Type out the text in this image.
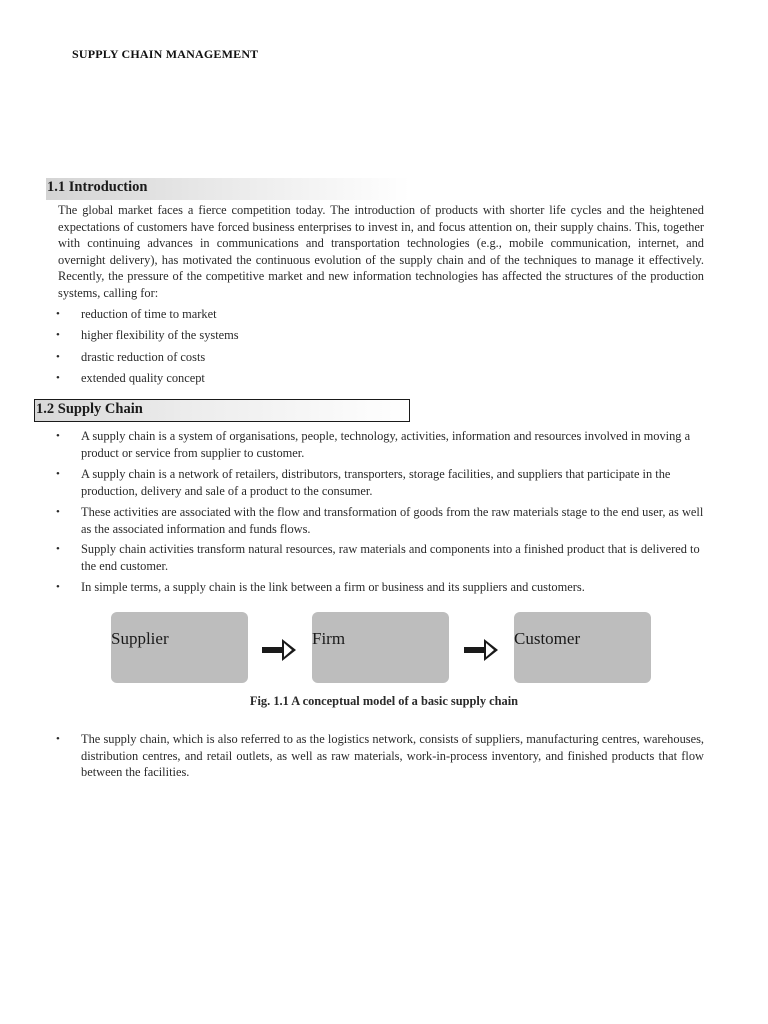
SUPPLY CHAIN MANAGEMENT
1.1 Introduction
The global market faces a fierce competition today. The introduction of products with shorter life cycles and the heightened expectations of customers have forced business enterprises to invest in, and focus attention on, their supply chains. This, together with continuing advances in communications and transportation technologies (e.g., mobile communication, internet, and overnight delivery), has motivated the continuous evolution of the supply chain and of the techniques to manage it effectively. Recently, the pressure of the competitive market and new information technologies has affected the structures of the production systems, calling for:
• reduction of time to market
• higher flexibility of the systems
• drastic reduction of costs
• extended quality concept
1.2 Supply Chain
• A supply chain is a system of organisations, people, technology, activities, information and resources involved in moving a product or service from supplier to customer.
• A supply chain is a network of retailers, distributors, transporters, storage facilities, and suppliers that participate in the production, delivery and sale of a product to the consumer.
• These activities are associated with the flow and transformation of goods from the raw materials stage to the end user, as well as the associated information and funds flows.
• Supply chain activities transform natural resources, raw materials and components into a finished product that is delivered to the end customer.
• In simple terms, a supply chain is the link between a firm or business and its suppliers and customers.
Supplier	Firm	Customer
Fig. 1.1 A conceptual model of a basic supply chain
• The supply chain, which is also referred to as the logistics network, consists of suppliers, manufacturing centres, warehouses, distribution centres, and retail outlets, as well as raw materials, work-in-process inventory, and finished products that flow between the facilities.
